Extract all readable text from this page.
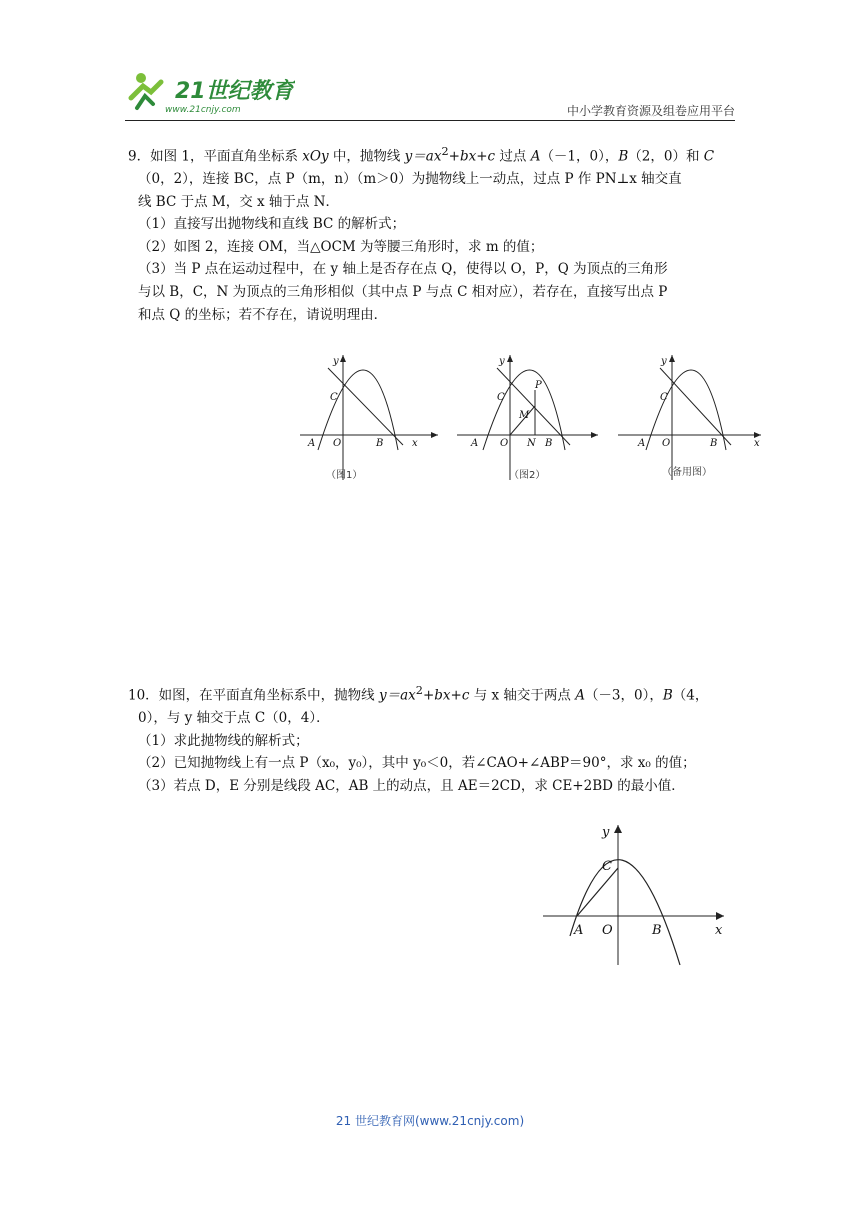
21世纪教育
www.21cnjy.com	中小学教育资源及组卷应用平台

9．如图 1，平面直角坐标系 xOy 中，抛物线 $y=ax^2+bx+c$ 过点 A（－1，0），B（2，0）和 C

（0，2），连接 BC，点 P（m，n）（m＞0）为抛物线上一动点，过点 P 作 PN⊥x 轴交直

线 BC 于点 M，交 x 轴于点 N．

（1）直接写出抛物线和直线 BC 的解析式；

（2）如图 2，连接 OM，当△OCM 为等腰三角形时，求 m 的值；

（3）当 P 点在运动过程中，在 y 轴上是否存在点 Q，使得以 O，P，Q 为顶点的三角形

与以 B，C，N 为顶点的三角形相似（其中点 P 与点 C 相对应），若存在，直接写出点 P

和点 Q 的坐标；若不存在，请说明理由．

y
x
A O	B
C
（图1）
y
A O N B
C
P
M
（图2）
y
x
A O	B
C
（备用图）

10．如图，在平面直角坐标系中，抛物线 $y=ax^2+bx+c$ 与 x 轴交于两点 A（－3，0），B（4，

0），与 y 轴交于点 C（0，4）．

（1）求此抛物线的解析式；

（2）已知抛物线上有一点 P（x₀，y₀），其中 y₀＜0，若∠CAO+∠ABP＝90°，求 x₀ 的值；

（3）若点 D，E 分别是线段 AC，AB 上的动点，且 AE＝2CD，求 CE+2BD 的最小值．

y
x
A O	B
C
21 世纪教育网(www.21cnjy.com)
